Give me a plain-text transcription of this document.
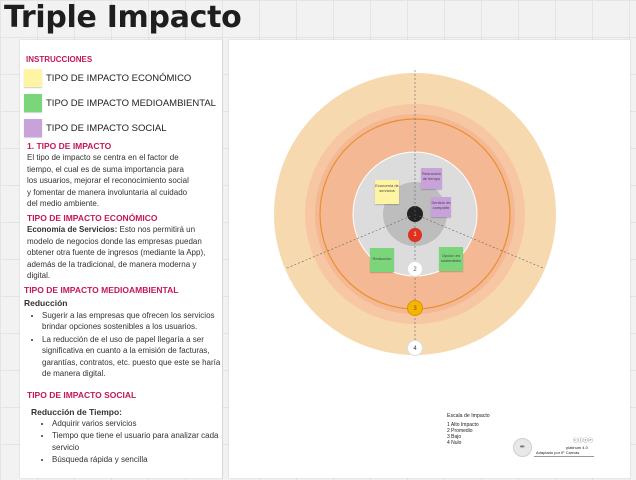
Triple Impacto
INSTRUCCIONES
TIPO DE IMPACTO ECONÓMICO
TIPO DE IMPACTO MEDIOAMBIENTAL
TIPO DE IMPACTO SOCIAL
1. TIPO DE IMPACTO
El tipo de impacto se centra en el factor de
tiempo, el cual es de suma importancia para
los usuarios, mejorar el reconocimiento social
y fomentar de manera involuntaria al cuidado
del medio ambiente.
TIPO DE IMPACTO ECONÓMICO
Economía de Servicios: Esto nos permitirá un
modelo de negocios donde las empresas puedan
obtener otra fuente de ingresos (mediante la App),
además de la tradicional, de manera moderna y
digital.
TIPO DE IMPACTO MEDIOAMBIENTAL
Reducción
• Sugerir a las empresas que ofrecen los servicios brindar opciones sostenibles a los usuarios.
• La reducción de el uso de papel llegaría a ser significativa en cuanto a la emisión de facturas, garantías, contratos, etc. puesto que este se haría de manera digital.
TIPO DE IMPACTO SOCIAL
Reducción de Tiempo:
• Adquirir varios servicios
• Tiempo que tiene el usuario para analizar cada servicio
• Búsqueda rápida y sencilla
1
2
3
4
Economía de servicios
Reducción de tiempo
Sentido de compartir
Reducción
Opción en sostenibles
Escala de Impacto
1 Alto Impacto
2 Promedio
3 Bajo
4 Nulo
✒
ⓒⓘⓢⓔ
platinum 4.0
Adaptado por IF Canvas
